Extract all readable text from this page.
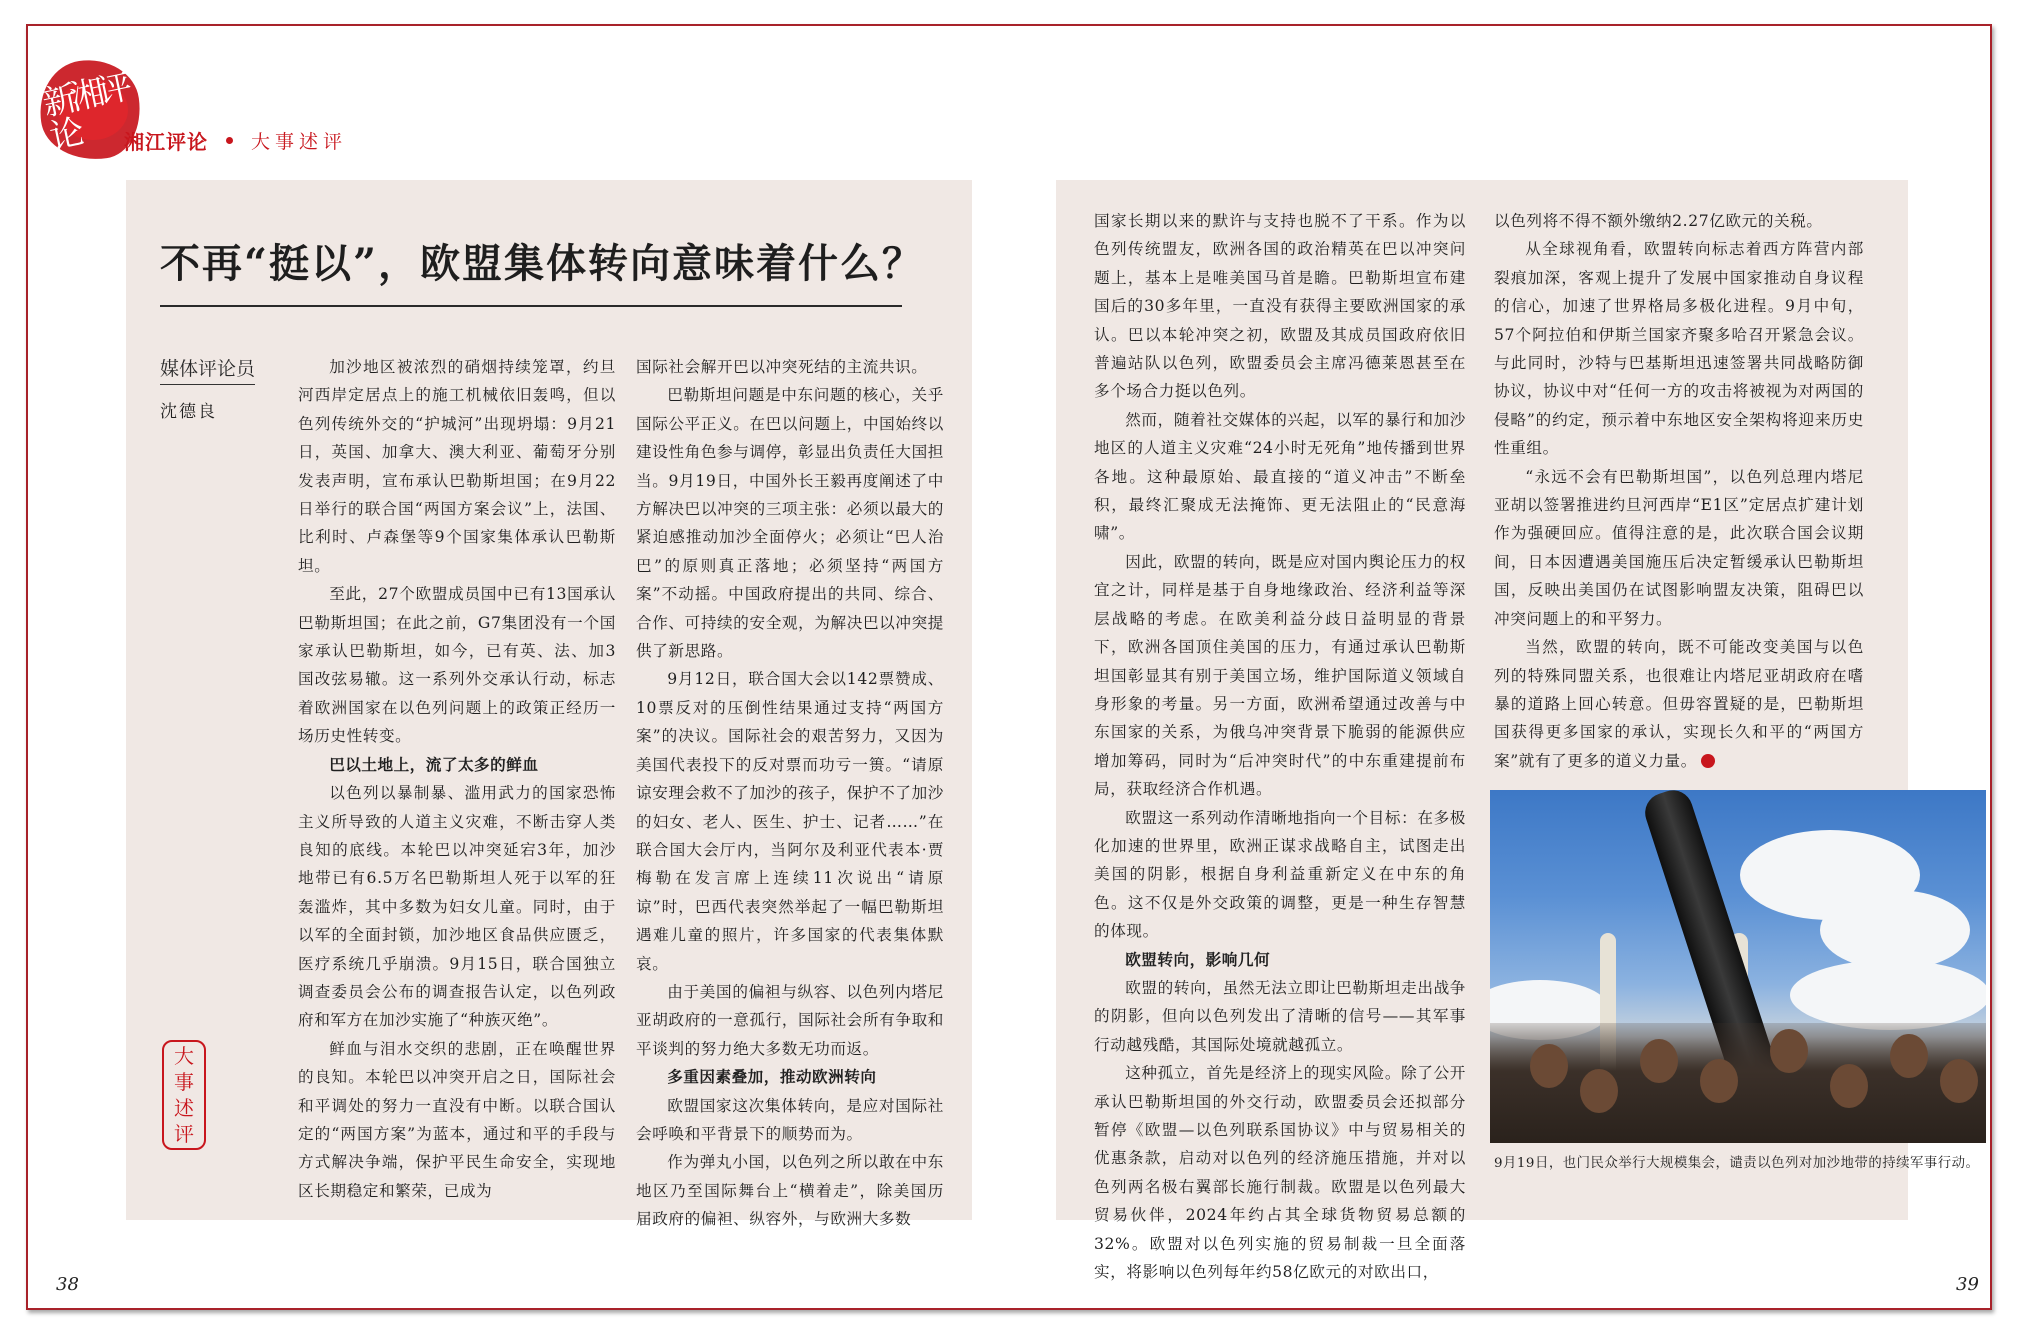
新湘评论	湘江评论 大事述评
不再“挺以”，欧盟集体转向意味着什么？
媒体评论员
沈德良
大
事
述
评

加沙地区被浓烈的硝烟持续笼罩，约旦河西岸定居点上的施工机械依旧轰鸣，但以色列传统外交的“护城河”出现坍塌：9月21日，英国、加拿大、澳大利亚、葡萄牙分别发表声明，宣布承认巴勒斯坦国；在9月22日举行的联合国“两国方案会议”上，法国、比利时、卢森堡等9个国家集体承认巴勒斯坦。

至此，27个欧盟成员国中已有13国承认巴勒斯坦国；在此之前，G7集团没有一个国家承认巴勒斯坦，如今，已有英、法、加3国改弦易辙。这一系列外交承认行动，标志着欧洲国家在以色列问题上的政策正经历一场历史性转变。

巴以土地上，流了太多的鲜血

以色列以暴制暴、滥用武力的国家恐怖主义所导致的人道主义灾难，不断击穿人类良知的底线。本轮巴以冲突延宕3年，加沙地带已有6.5万名巴勒斯坦人死于以军的狂轰滥炸，其中多数为妇女儿童。同时，由于以军的全面封锁，加沙地区食品供应匮乏，医疗系统几乎崩溃。9月15日，联合国独立调查委员会公布的调查报告认定，以色列政府和军方在加沙实施了“种族灭绝”。

鲜血与泪水交织的悲剧，正在唤醒世界的良知。本轮巴以冲突开启之日，国际社会和平调处的努力一直没有中断。以联合国认定的“两国方案”为蓝本，通过和平的手段与方式解决争端，保护平民生命安全，实现地区长期稳定和繁荣，已成为

国际社会解开巴以冲突死结的主流共识。

巴勒斯坦问题是中东问题的核心，关乎国际公平正义。在巴以问题上，中国始终以建设性角色参与调停，彰显出负责任大国担当。9月19日，中国外长王毅再度阐述了中方解决巴以冲突的三项主张：必须以最大的紧迫感推动加沙全面停火；必须让“巴人治巴”的原则真正落地；必须坚持“两国方案”不动摇。中国政府提出的共同、综合、合作、可持续的安全观，为解决巴以冲突提供了新思路。

9月12日，联合国大会以142票赞成、10票反对的压倒性结果通过支持“两国方案”的决议。国际社会的艰苦努力，又因为美国代表投下的反对票而功亏一篑。“请原谅安理会救不了加沙的孩子，保护不了加沙的妇女、老人、医生、护士、记者……”在联合国大会厅内，当阿尔及利亚代表本·贾梅勒在发言席上连续11次说出“请原谅”时，巴西代表突然举起了一幅巴勒斯坦遇难儿童的照片，许多国家的代表集体默哀。

由于美国的偏袒与纵容、以色列内塔尼亚胡政府的一意孤行，国际社会所有争取和平谈判的努力绝大多数无功而返。

多重因素叠加，推动欧洲转向

欧盟国家这次集体转向，是应对国际社会呼唤和平背景下的顺势而为。

作为弹丸小国，以色列之所以敢在中东地区乃至国际舞台上“横着走”，除美国历届政府的偏袒、纵容外，与欧洲大多数

国家长期以来的默许与支持也脱不了干系。作为以色列传统盟友，欧洲各国的政治精英在巴以冲突问题上，基本上是唯美国马首是瞻。巴勒斯坦宣布建国后的30多年里，一直没有获得主要欧洲国家的承认。巴以本轮冲突之初，欧盟及其成员国政府依旧普遍站队以色列，欧盟委员会主席冯德莱恩甚至在多个场合力挺以色列。

然而，随着社交媒体的兴起，以军的暴行和加沙地区的人道主义灾难“24小时无死角”地传播到世界各地。这种最原始、最直接的“道义冲击”不断垒积，最终汇聚成无法掩饰、更无法阻止的“民意海啸”。

因此，欧盟的转向，既是应对国内舆论压力的权宜之计，同样是基于自身地缘政治、经济利益等深层战略的考虑。在欧美利益分歧日益明显的背景下，欧洲各国顶住美国的压力，有通过承认巴勒斯坦国彰显其有别于美国立场，维护国际道义领域自身形象的考量。另一方面，欧洲希望通过改善与中东国家的关系，为俄乌冲突背景下脆弱的能源供应增加筹码，同时为“后冲突时代”的中东重建提前布局，获取经济合作机遇。

欧盟这一系列动作清晰地指向一个目标：在多极化加速的世界里，欧洲正谋求战略自主，试图走出美国的阴影，根据自身利益重新定义在中东的角色。这不仅是外交政策的调整，更是一种生存智慧的体现。

欧盟转向，影响几何

欧盟的转向，虽然无法立即让巴勒斯坦走出战争的阴影，但向以色列发出了清晰的信号——其军事行动越残酷，其国际处境就越孤立。

这种孤立，首先是经济上的现实风险。除了公开承认巴勒斯坦国的外交行动，欧盟委员会还拟部分暂停《欧盟—以色列联系国协议》中与贸易相关的优惠条款，启动对以色列的经济施压措施，并对以色列两名极右翼部长施行制裁。欧盟是以色列最大贸易伙伴，2024年约占其全球货物贸易总额的32%。欧盟对以色列实施的贸易制裁一旦全面落实，将影响以色列每年约58亿欧元的对欧出口，

以色列将不得不额外缴纳2.27亿欧元的关税。

从全球视角看，欧盟转向标志着西方阵营内部裂痕加深，客观上提升了发展中国家推动自身议程的信心，加速了世界格局多极化进程。9月中旬，57个阿拉伯和伊斯兰国家齐聚多哈召开紧急会议。与此同时，沙特与巴基斯坦迅速签署共同战略防御协议，协议中对“任何一方的攻击将被视为对两国的侵略”的约定，预示着中东地区安全架构将迎来历史性重组。

“永远不会有巴勒斯坦国”，以色列总理内塔尼亚胡以签署推进约旦河西岸“E1区”定居点扩建计划作为强硬回应。值得注意的是，此次联合国会议期间，日本因遭遇美国施压后决定暂缓承认巴勒斯坦国，反映出美国仍在试图影响盟友决策，阻碍巴以冲突问题上的和平努力。

当然，欧盟的转向，既不可能改变美国与以色列的特殊同盟关系，也很难让内塔尼亚胡政府在嗜暴的道路上回心转意。但毋容置疑的是，巴勒斯坦国获得更多国家的承认，实现长久和平的“两国方案”就有了更多的道义力量。

9月19日，也门民众举行大规模集会，谴责以色列对加沙地带的持续军事行动。
38	39
